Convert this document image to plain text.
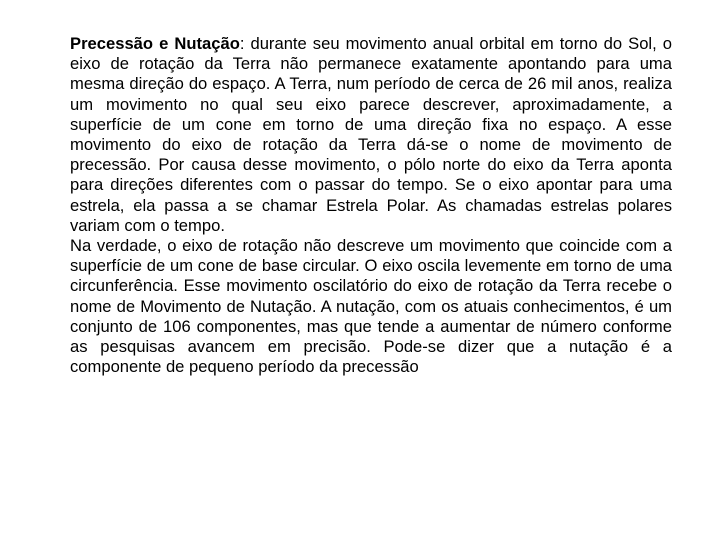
Precessão e Nutação: durante seu movimento anual orbital em torno do Sol, o eixo de rotação da Terra não permanece exatamente apontando para uma mesma direção do espaço. A Terra, num período de cerca de 26 mil anos, realiza um movimento no qual seu eixo parece descrever, aproximadamente, a superfície de um cone em torno de uma direção fixa no espaço. A esse movimento do eixo de rotação da Terra dá-se o nome de movimento de precessão. Por causa desse movimento, o pólo norte do eixo da Terra aponta para direções diferentes com o passar do tempo. Se o eixo apontar para uma estrela, ela passa a se chamar Estrela Polar. As chamadas estrelas polares variam com o tempo.

Na verdade, o eixo de rotação não descreve um movimento que coincide com a superfície de um cone de base circular. O eixo oscila levemente em torno de uma circunferência. Esse movimento oscilatório do eixo de rotação da Terra recebe o nome de Movimento de Nutação. A nutação, com os atuais conhecimentos, é um conjunto de 106 componentes, mas que tende a aumentar de número conforme as pesquisas avancem em precisão. Pode-se dizer que a nutação é a componente de pequeno período da precessão
